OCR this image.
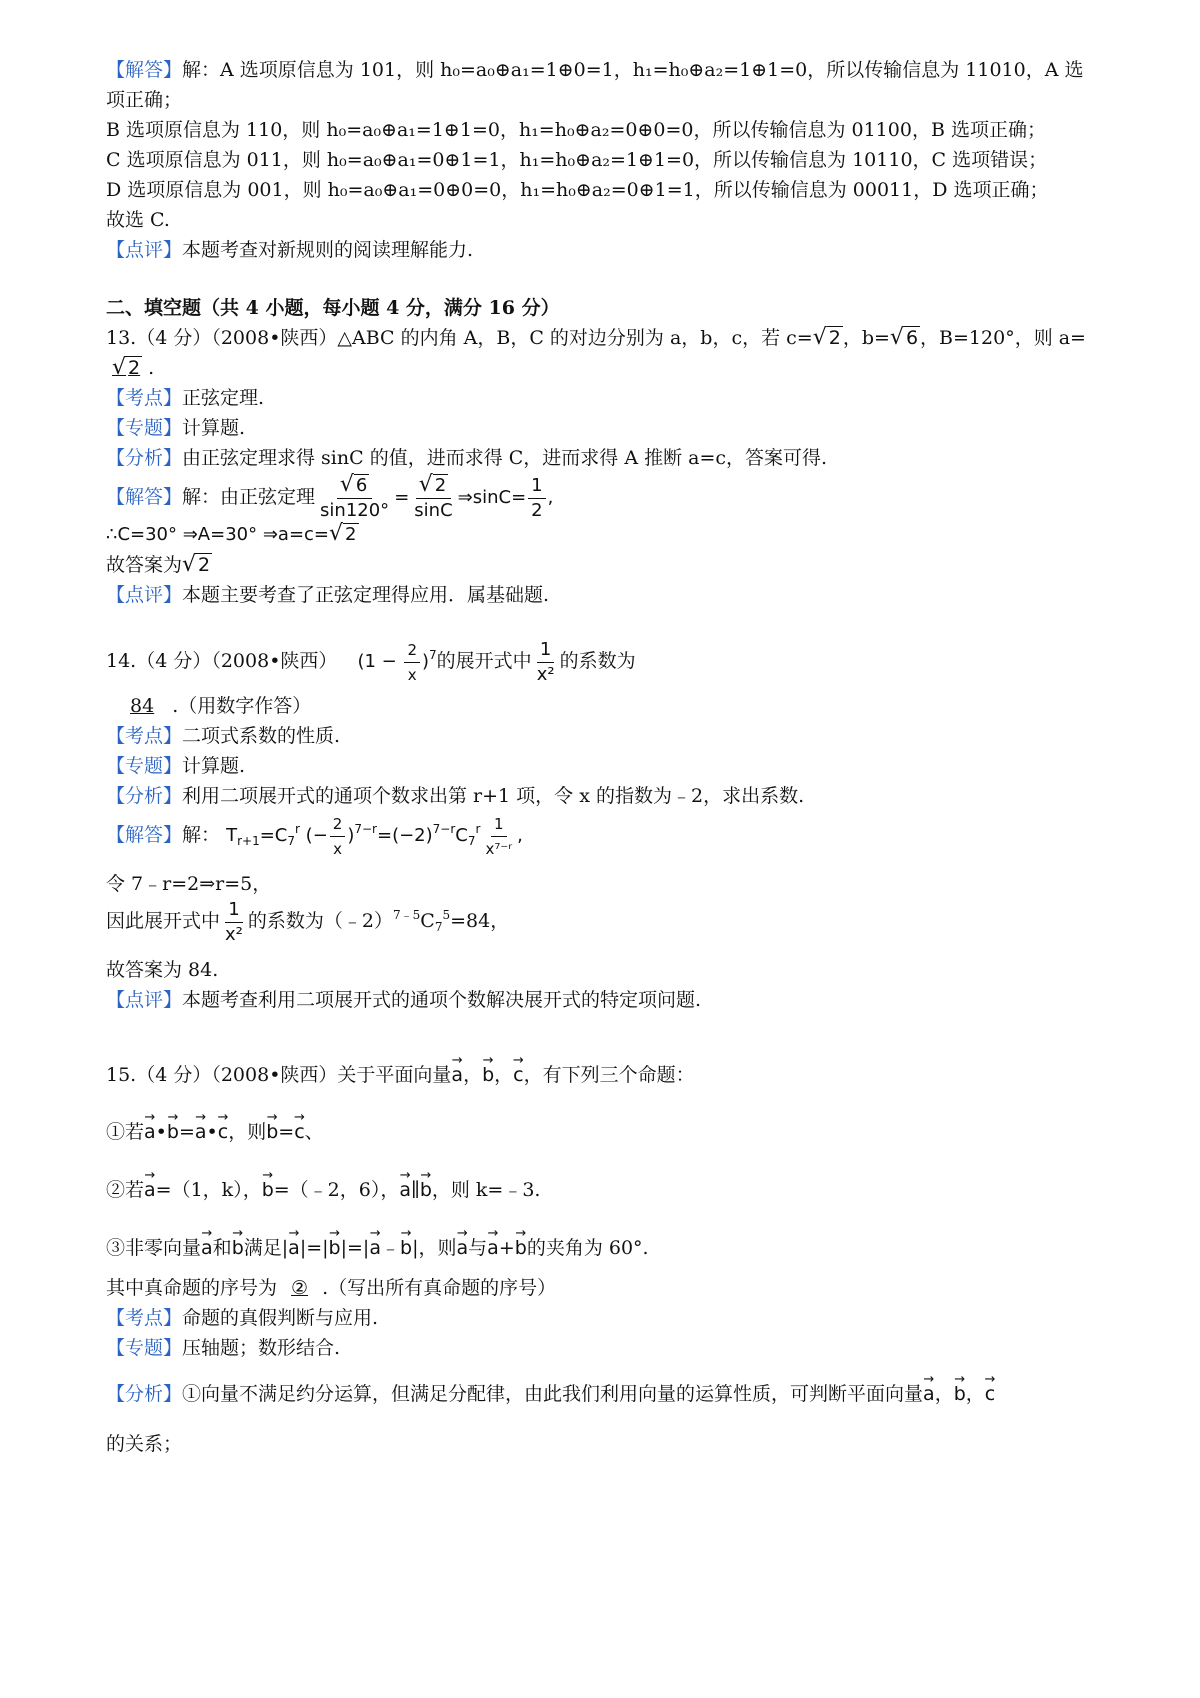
【解答】解：A 选项原信息为 101，则 h₀=a₀⊕a₁=1⊕0=1，h₁=h₀⊕a₂=1⊕1=0，所以传输信息为 11010，A 选
项正确；
B 选项原信息为 110，则 h₀=a₀⊕a₁=1⊕1=0，h₁=h₀⊕a₂=0⊕0=0，所以传输信息为 01100，B 选项正确；
C 选项原信息为 011，则 h₀=a₀⊕a₁=0⊕1=1，h₁=h₀⊕a₂=1⊕1=0，所以传输信息为 10110，C 选项错误；
D 选项原信息为 001，则 h₀=a₀⊕a₁=0⊕0=0，h₁=h₀⊕a₂=0⊕1=1，所以传输信息为 00011，D 选项正确；
故选 C.
【点评】本题考查对新规则的阅读理解能力.
二、填空题（共 4 小题，每小题 4 分，满分 16 分）
13.（4 分）（2008•陕西）△ABC 的内角 A，B，C 的对边分别为 a，b，c，若 c=√ 2 ，b=√ 6 ，B=120°，则 a=
√ 2 .
【考点】正弦定理.
【专题】计算题.
【分析】由正弦定理求得 sinC 的值，进而求得 C，进而求得 A 推断 a=c，答案可得.
【解答】解：由正弦定理 $\frac{√ 6}{\sin 120^\circ} = \frac{√ 2}{\sin C}$ ⇒sinC= $\frac{1}{2}$ ,
∴C=30° ⇒A=30° ⇒a=c=√ 2
故答案为√ 2
【点评】本题主要考查了正弦定理得应用．属基础题.
14.（4 分）（2008•陕西） $(1 - \frac{2}{x} )^7$的展开式中 $\frac{1}{\text{x²}}$ 的系数为
84 .（用数字作答）
【考点】二项式系数的性质.
【专题】计算题.
【分析】利用二项展开式的通项个数求出第 r+1 项，令 x 的指数为﹣2，求出系数.
【解答】解： $T_{r+1}=C_7^r$ (− $\frac{2}{x} )^{7-r}=(-2)^{7-r}C_7^r \frac{1}{\text{x⁷⁻ʳ}}$ ,
令 7﹣r=2⇒r=5，
因此展开式中 $\frac{1}{\text{x²}}$ 的系数为$(﹣2)^{7﹣5}C_7^5=84$，
故答案为 84.
【点评】本题考查利用二项展开式的通项个数解决展开式的特定项问题.
15.（4 分）（2008•陕西）关于平面向量→ a，→ b，→ c，有下列三个命题：
①若→ a•→ b=→ a•→ c，则→ b=→ c、
②若→ a=（1，k），→ b=（﹣2，6），→ a∥→ b，则 k=﹣3.
③非零向量→ a和→ b满足|→ a|=|→ b|=|→ a﹣→ b|，则→ a与→ a+→ b的夹角为 60°.
其中真命题的序号为 ② .（写出所有真命题的序号）
【考点】命题的真假判断与应用.
【专题】压轴题；数形结合.
【分析】①向量不满足约分运算，但满足分配律，由此我们利用向量的运算性质，可判断平面向量→ a，→ b，→ c
的关系；
